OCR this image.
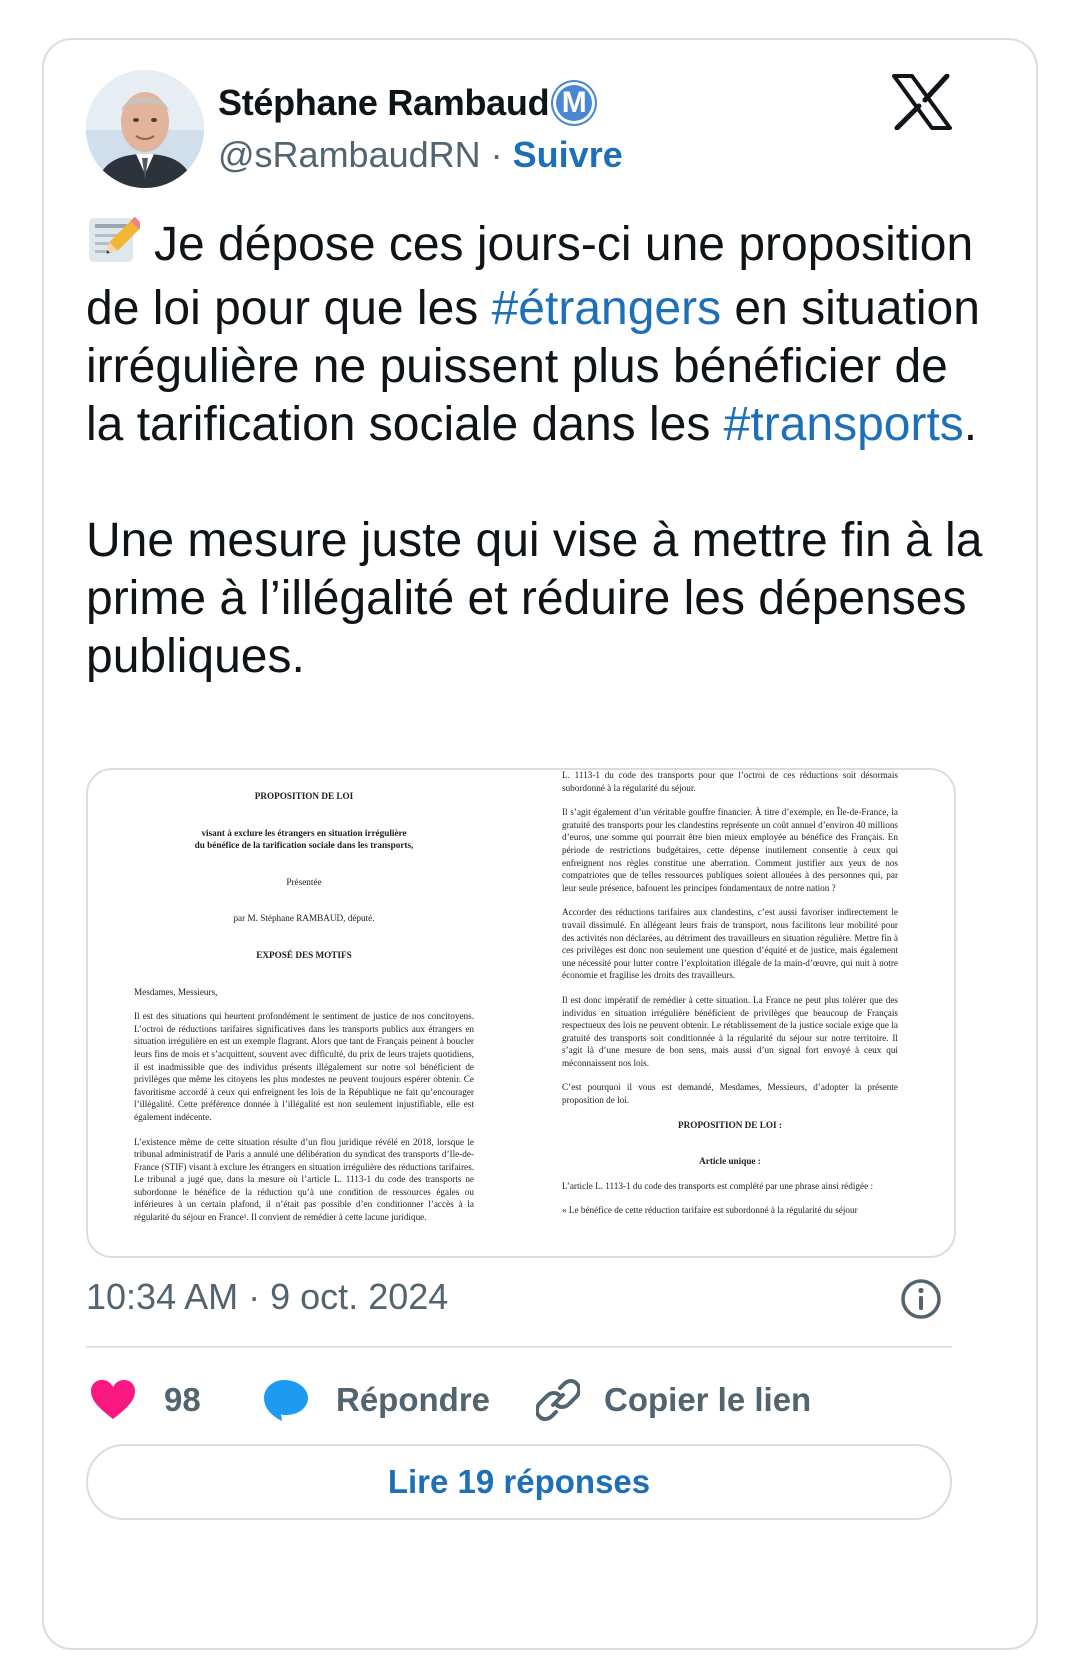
Stéphane Rambaud M
@sRambaudRN · Suivre

Je dépose ces jours-ci une proposition de loi pour que les #étrangers en situation irrégulière ne puissent plus bénéficier de la tarification sociale dans les #transports.

Une mesure juste qui vise à mettre fin à la prime à l’illégalité et réduire les dépenses publiques.

PROPOSITION DE LOI

visant à exclure les étrangers en situation irrégulière

du bénéfice de la tarification sociale dans les transports,

Présentée

par M. Stéphane RAMBAUD, député.

EXPOSÉ DES MOTIFS

Mesdames, Messieurs,

Il est des situations qui heurtent profondément le sentiment de justice de nos concitoyens. L’octroi de réductions tarifaires significatives dans les transports publics aux étrangers en situation irrégulière en est un exemple flagrant. Alors que tant de Français peinent à boucler leurs fins de mois et s’acquittent, souvent avec difficulté, du prix de leurs trajets quotidiens, il est inadmissible que des individus présents illégalement sur notre sol bénéficient de privilèges que même les citoyens les plus modestes ne peuvent toujours espérer obtenir. Ce favoritisme accordé à ceux qui enfreignent les lois de la République ne fait qu’encourager l’illégalité. Cette préférence donnée à l’illégalité est non seulement injustifiable, elle est également indécente.

L’existence même de cette situation résulte d’un flou juridique révélé en 2018, lorsque le tribunal administratif de Paris a annulé une délibération du syndicat des transports d’Ile-de-France (STIF) visant à exclure les étrangers en situation irrégulière des réductions tarifaires. Le tribunal a jugé que, dans la mesure où l’article L. 1113-1 du code des transports ne subordonne le bénéfice de la réduction qu’à une condition de ressources égales ou inférieures à un certain plafond, il n’était pas possible d’en conditionner l’accès à la régularité du séjour en France¹. Il convient de remédier à cette lacune juridique.

L. 1113-1 du code des transports pour que l’octroi de ces réductions soit désormais subordonné à la régularité du séjour.

Il s’agit également d’un véritable gouffre financier. À titre d’exemple, en Île-de-France, la gratuité des transports pour les clandestins représente un coût annuel d’environ 40 millions d’euros, une somme qui pourrait être bien mieux employée au bénéfice des Français. En période de restrictions budgétaires, cette dépense inutilement consentie à ceux qui enfreignent nos règles constitue une aberration. Comment justifier aux yeux de nos compatriotes que de telles ressources publiques soient allouées à des personnes qui, par leur seule présence, bafouent les principes fondamentaux de notre nation ?

Accorder des réductions tarifaires aux clandestins, c’est aussi favoriser indirectement le travail dissimulé. En allégeant leurs frais de transport, nous facilitons leur mobilité pour des activités non déclarées, au détriment des travailleurs en situation régulière. Mettre fin à ces privilèges est donc non seulement une question d’équité et de justice, mais également une nécessité pour lutter contre l’exploitation illégale de la main-d’œuvre, qui nuit à notre économie et fragilise les droits des travailleurs.

Il est donc impératif de remédier à cette situation. La France ne peut plus tolérer que des individus en situation irrégulière bénéficient de privilèges que beaucoup de Français respectueux des lois ne peuvent obtenir. Le rétablissement de la justice sociale exige que la gratuité des transports soit conditionnée à la régularité du séjour sur notre territoire. Il s’agit là d’une mesure de bon sens, mais aussi d’un signal fort envoyé à ceux qui méconnaissent nos lois.

C’est pourquoi il vous est demandé, Mesdames, Messieurs, d’adopter la présente proposition de loi.

PROPOSITION DE LOI :

Article unique :

L’article L. 1113-1 du code des transports est complété par une phrase ainsi rédigée :

« Le bénéfice de cette réduction tarifaire est subordonné à la régularité du séjour

10:34 AM · 9 oct. 2024
98	Répondre	Copier le lien
Lire 19 réponses
